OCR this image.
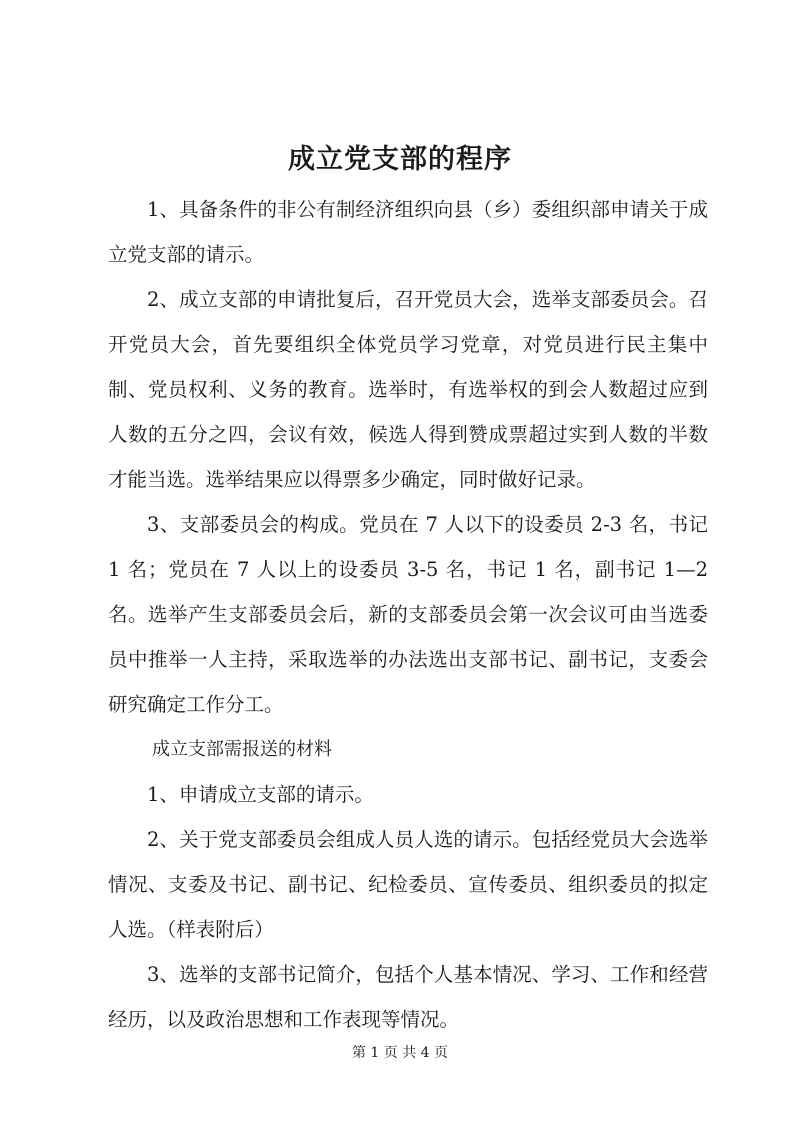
成立党支部的程序

1、具备条件的非公有制经济组织向县（乡）委组织部申请关于成立党支部的请示。

2、成立支部的申请批复后，召开党员大会，选举支部委员会。召开党员大会，首先要组织全体党员学习党章，对党员进行民主集中制、党员权利、义务的教育。选举时，有选举权的到会人数超过应到人数的五分之四，会议有效，候选人得到赞成票超过实到人数的半数才能当选。选举结果应以得票多少确定，同时做好记录。

3、支部委员会的构成。党员在 7 人以下的设委员 2-3 名，书记 1 名；党员在 7 人以上的设委员 3-5 名，书记 1 名，副书记 1—2 名。选举产生支部委员会后，新的支部委员会第一次会议可由当选委员中推举一人主持，采取选举的办法选出支部书记、副书记，支委会研究确定工作分工。

成立支部需报送的材料

1、申请成立支部的请示。

2、关于党支部委员会组成人员人选的请示。包括经党员大会选举情况、支委及书记、副书记、纪检委员、宣传委员、组织委员的拟定人选。（样表附后）

3、选举的支部书记简介，包括个人基本情况、学习、工作和经营经历，以及政治思想和工作表现等情况。

第 1 页 共 4 页
